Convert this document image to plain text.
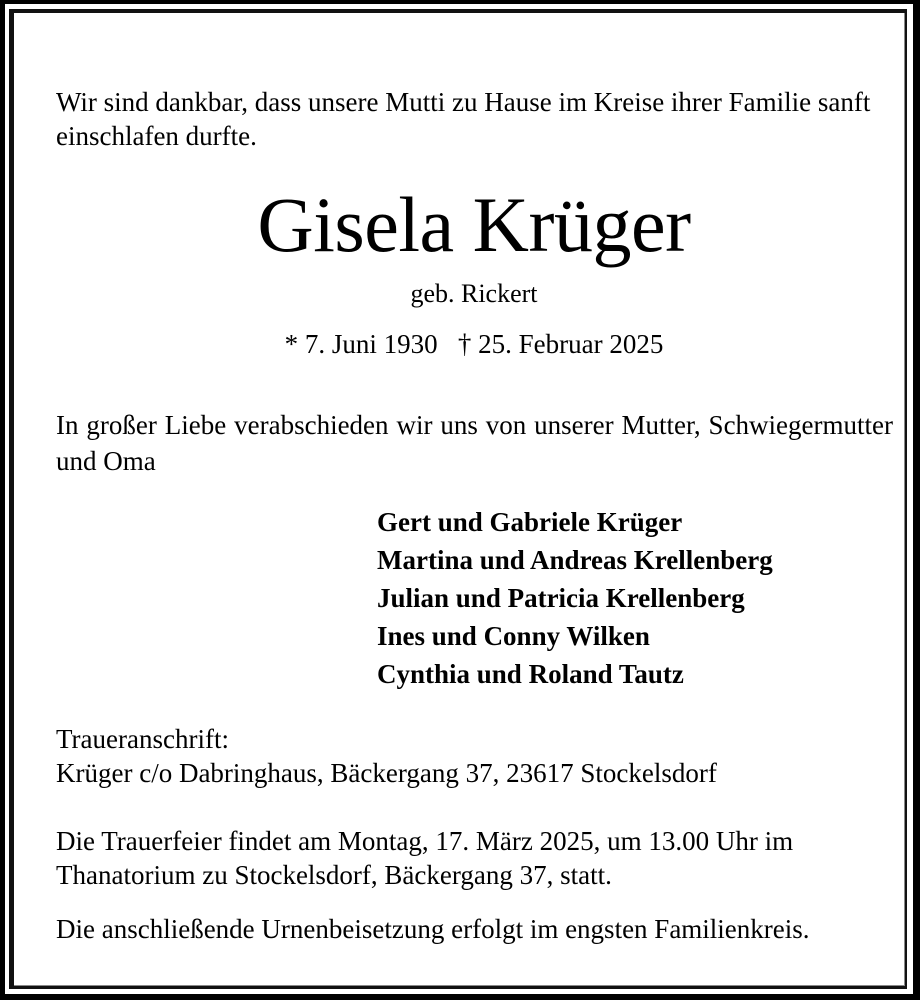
Wir sind dankbar, dass unsere Mutti zu Hause im Kreise ihrer Familie sanft einschlafen durfte.

Gisela Krüger
geb. Rickert
* 7. Juni 1930   † 25. Februar 2025

In großer Liebe verabschieden wir uns von unserer Mutter, Schwiegermutter und Oma

Gert und Gabriele Krüger
Martina und Andreas Krellenberg
Julian und Patricia Krellenberg
Ines und Conny Wilken
Cynthia und Roland Tautz
Traueranschrift:
Krüger c/o Dabringhaus, Bäckergang 37, 23617 Stockelsdorf

Die Trauerfeier findet am Montag, 17. März 2025, um 13.00 Uhr im Thanatorium zu Stockelsdorf, Bäckergang 37, statt.

Die anschließende Urnenbeisetzung erfolgt im engsten Familienkreis.
